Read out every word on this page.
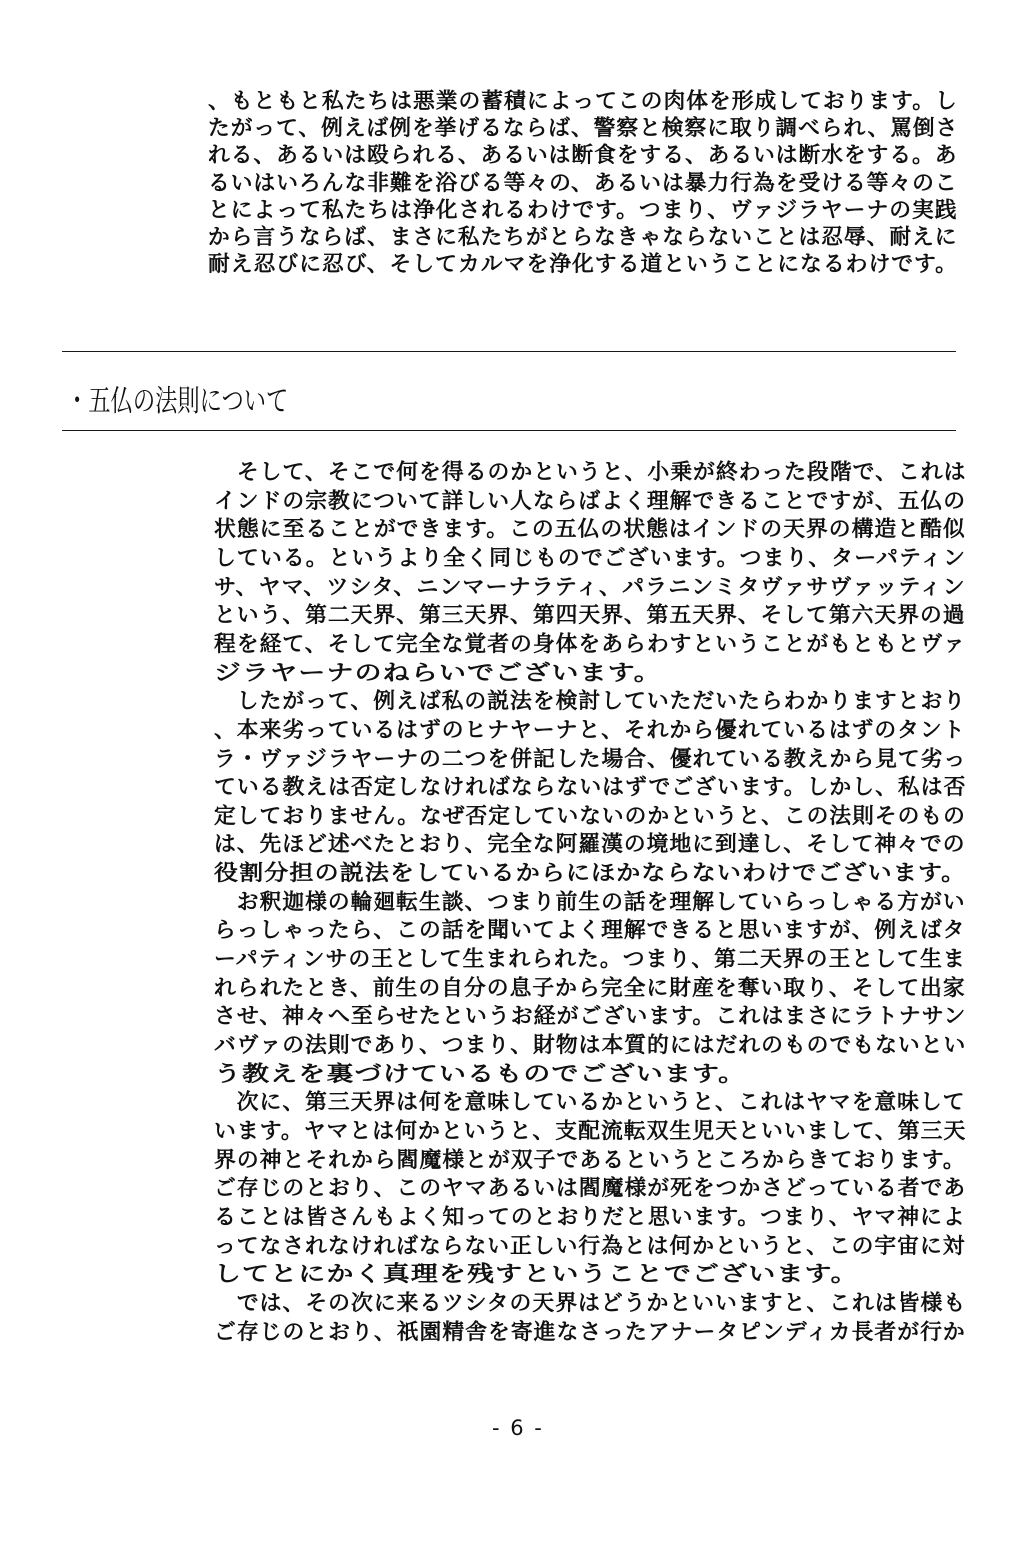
、もともと私たちは悪業の蓄積によってこの肉体を形成しております。し
たがって、例えば例を挙げるならば、警察と検察に取り調べられ、罵倒さ
れる、あるいは殴られる、あるいは断食をする、あるいは断水をする。あ
るいはいろんな非難を浴びる等々の、あるいは暴力行為を受ける等々のこ
とによって私たちは浄化されるわけです。つまり、ヴァジラヤーナの実践
から言うならば、まさに私たちがとらなきゃならないことは忍辱、耐えに
耐え忍びに忍び、そしてカルマを浄化する道ということになるわけです。
・五仏の法則について
　そして、そこで何を得るのかというと、小乗が終わった段階で、これは
インドの宗教について詳しい人ならばよく理解できることですが、五仏の
状態に至ることができます。この五仏の状態はインドの天界の構造と酷似
している。というより全く同じものでございます。つまり、ターパティン
サ、ヤマ、ツシタ、ニンマーナラティ、パラニンミタヴァサヴァッティン
という、第二天界、第三天界、第四天界、第五天界、そして第六天界の過
程を経て、そして完全な覚者の身体をあらわすということがもともとヴァ
ジラヤーナのねらいでございます。
　したがって、例えば私の説法を検討していただいたらわかりますとおり
、本来劣っているはずのヒナヤーナと、それから優れているはずのタント
ラ・ヴァジラヤーナの二つを併記した場合、優れている教えから見て劣っ
ている教えは否定しなければならないはずでございます。しかし、私は否
定しておりません。なぜ否定していないのかというと、この法則そのもの
は、先ほど述べたとおり、完全な阿羅漢の境地に到達し、そして神々での
役割分担の説法をしているからにほかならないわけでございます。
　お釈迦様の輪廻転生談、つまり前生の話を理解していらっしゃる方がい
らっしゃったら、この話を聞いてよく理解できると思いますが、例えばタ
ーパティンサの王として生まれられた。つまり、第二天界の王として生ま
れられたとき、前生の自分の息子から完全に財産を奪い取り、そして出家
させ、神々へ至らせたというお経がございます。これはまさにラトナサン
バヴァの法則であり、つまり、財物は本質的にはだれのものでもないとい
う教えを裏づけているものでございます。
　次に、第三天界は何を意味しているかというと、これはヤマを意味して
います。ヤマとは何かというと、支配流転双生児天といいまして、第三天
界の神とそれから閻魔様とが双子であるというところからきております。
ご存じのとおり、このヤマあるいは閻魔様が死をつかさどっている者であ
ることは皆さんもよく知ってのとおりだと思います。つまり、ヤマ神によ
ってなされなければならない正しい行為とは何かというと、この宇宙に対
してとにかく真理を残すということでございます。
　では、その次に来るツシタの天界はどうかといいますと、これは皆様も
ご存じのとおり、祇園精舎を寄進なさったアナータピンディカ長者が行か
- 6 -
